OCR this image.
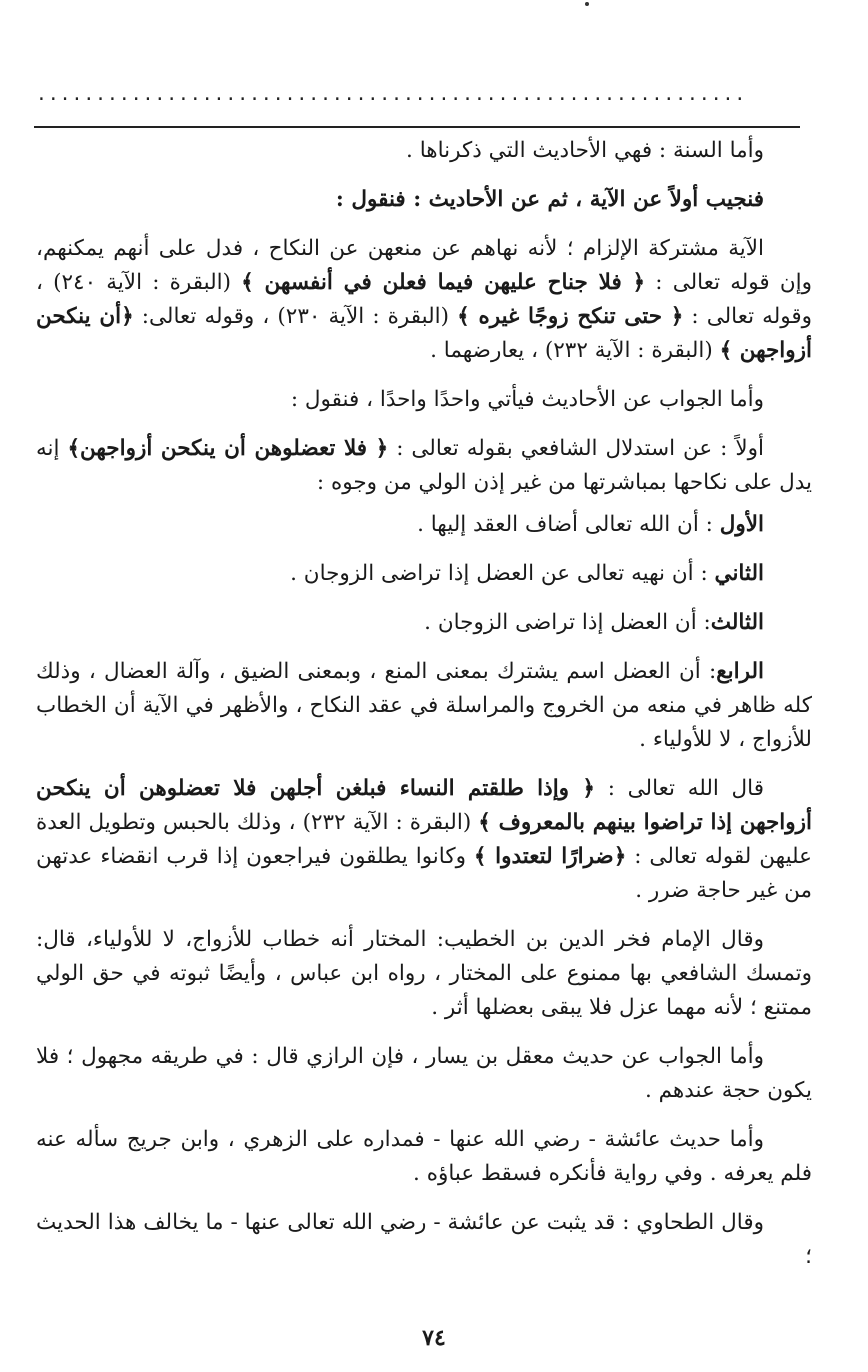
............................................................

وأما السنة : فهي الأحاديث التي ذكرناها .

فنجيب أولاً عن الآية ، ثم عن الأحاديث : فنقول :

الآية مشتركة الإلزام ؛ لأنه نهاهم عن منعهن عن النكاح ، فدل على أنهم يمكنهم، وإن قوله تعالى : ﴿ فلا جناح عليهن فيما فعلن في أنفسهن ﴾ (البقرة : الآية ٢٤٠) ، وقوله تعالى : ﴿ حتى تنكح زوجًا غيره ﴾ (البقرة : الآية ٢٣٠) ، وقوله تعالى: ﴿أن ينكحن أزواجهن ﴾ (البقرة : الآية ٢٣٢) ، يعارضهما .

وأما الجواب عن الأحاديث فيأتي واحدًا واحدًا ، فنقول :

أولاً : عن استدلال الشافعي بقوله تعالى : ﴿ فلا تعضلوهن أن ينكحن أزواجهن﴾ إنه يدل على نكاحها بمباشرتها من غير إذن الولي من وجوه :

الأول : أن الله تعالى أضاف العقد إليها .

الثاني : أن نهيه تعالى عن العضل إذا تراضى الزوجان .

الثالث: أن العضل إذا تراضى الزوجان .

الرابع: أن العضل اسم يشترك بمعنى المنع ، وبمعنى الضيق ، وآلة العضال ، وذلك كله ظاهر في منعه من الخروج والمراسلة في عقد النكاح ، والأظهر في الآية أن الخطاب للأزواج ، لا للأولياء .

قال الله تعالى : ﴿ وإذا طلقتم النساء فبلغن أجلهن فلا تعضلوهن أن ينكحن أزواجهن إذا تراضوا بينهم بالمعروف ﴾ (البقرة : الآية ٢٣٢) ، وذلك بالحبس وتطويل العدة عليهن لقوله تعالى : ﴿ضرارًا لتعتدوا ﴾ وكانوا يطلقون فيراجعون إذا قرب انقضاء عدتهن من غير حاجة ضرر .

وقال الإمام فخر الدين بن الخطيب: المختار أنه خطاب للأزواج، لا للأولياء، قال: وتمسك الشافعي بها ممنوع على المختار ، رواه ابن عباس ، وأيضًا ثبوته في حق الولي ممتنع ؛ لأنه مهما عزل فلا يبقى بعضلها أثر .

وأما الجواب عن حديث معقل بن يسار ، فإن الرازي قال : في طريقه مجهول ؛ فلا يكون حجة عندهم .

وأما حديث عائشة - رضي الله عنها - فمداره على الزهري ، وابن جريج سأله عنه فلم يعرفه . وفي رواية فأنكره فسقط عباؤه .

وقال الطحاوي : قد يثبت عن عائشة - رضي الله تعالى عنها - ما يخالف هذا الحديث ؛

٧٤
